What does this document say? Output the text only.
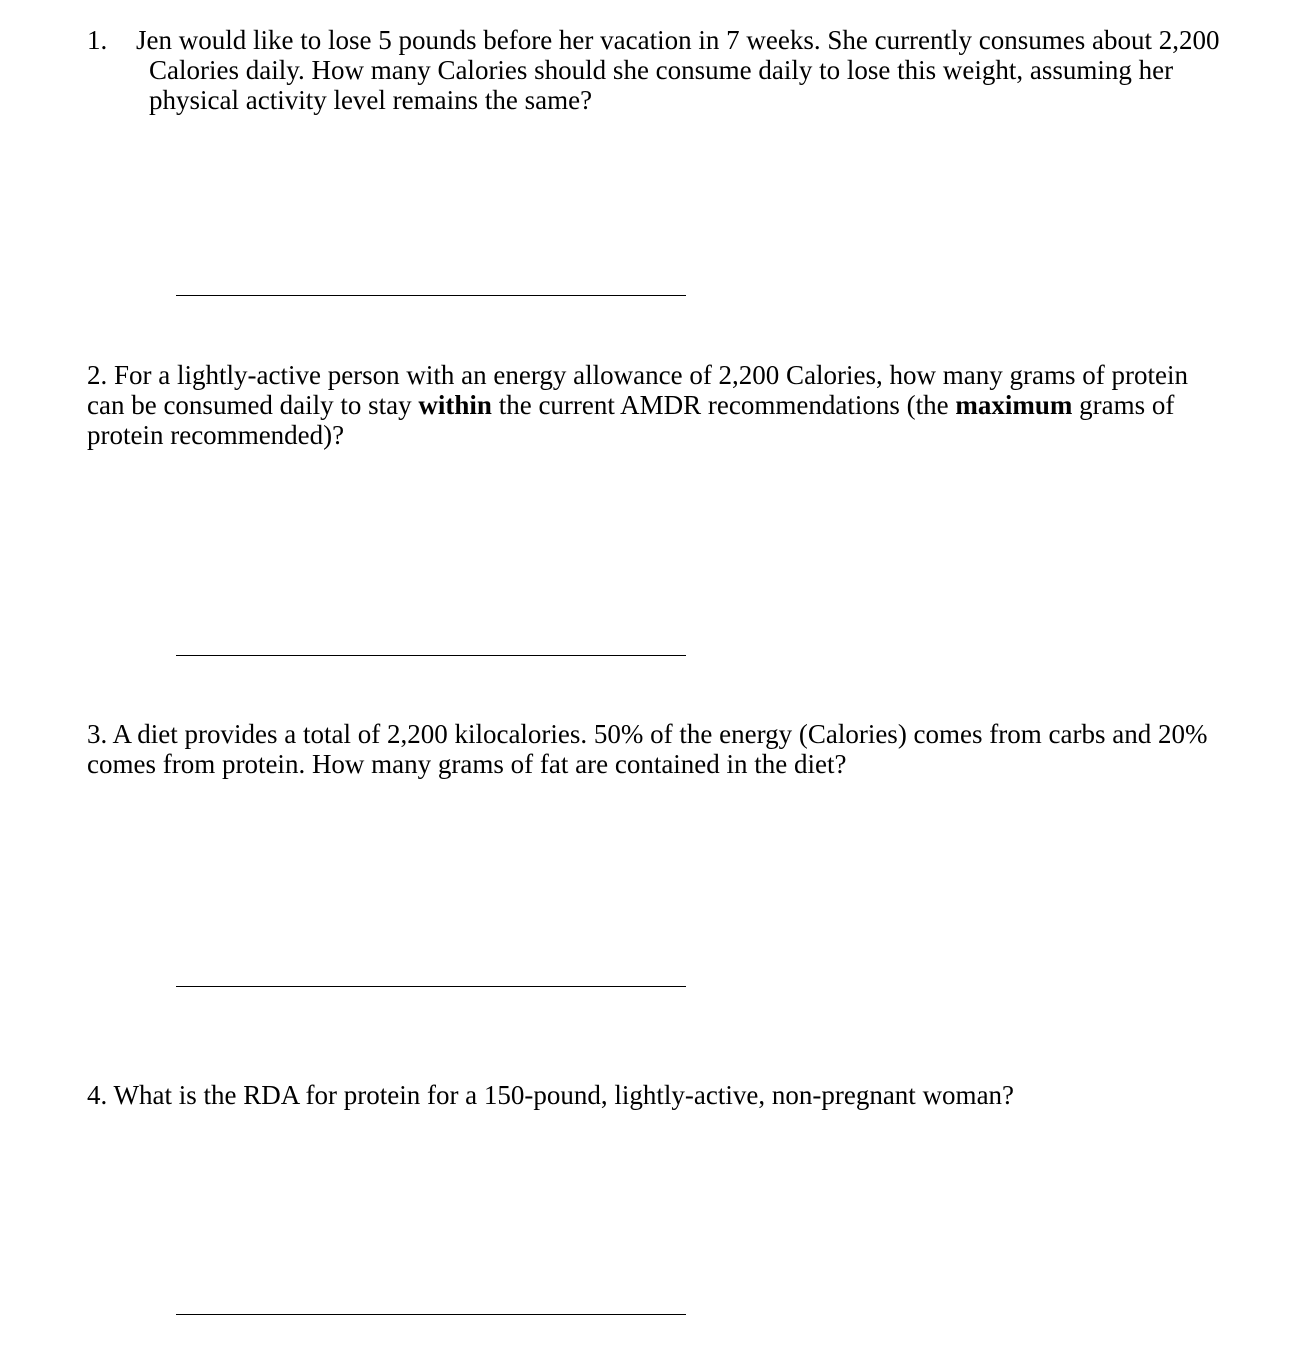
1. Jen would like to lose 5 pounds before her vacation in 7 weeks. She currently consumes about 2,200
Calories daily. How many Calories should she consume daily to lose this weight, assuming her
physical activity level remains the same?
2. For a lightly-active person with an energy allowance of 2,200 Calories, how many grams of protein
can be consumed daily to stay within the current AMDR recommendations (the maximum grams of
protein recommended)?
3. A diet provides a total of 2,200 kilocalories. 50% of the energy (Calories) comes from carbs and 20%
comes from protein. How many grams of fat are contained in the diet?
4. What is the RDA for protein for a 150-pound, lightly-active, non-pregnant woman?
